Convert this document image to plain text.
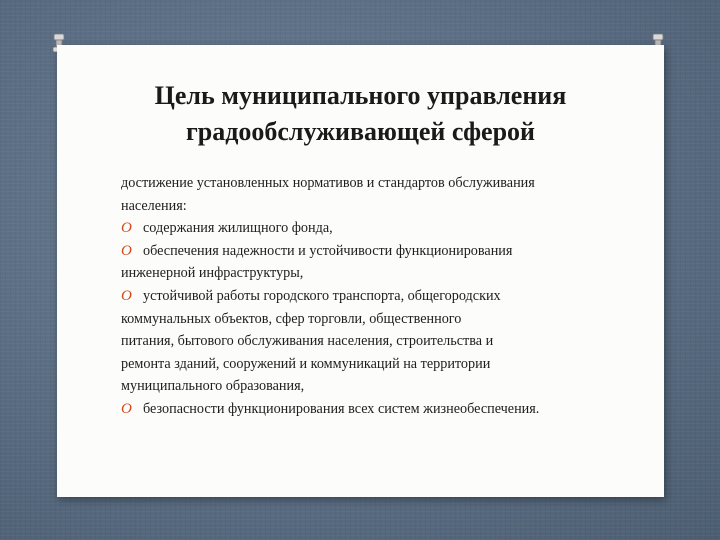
Цель муниципального управления
градообслуживающей сферой
достижение установленных нормативов и стандартов обслуживания
населения:
O содержания жилищного фонда,
O обеспечения надежности и устойчивости функционирования
инженерной инфраструктуры,
O устойчивой работы городского транспорта, общегородских
коммунальных объектов, сфер торговли, общественного
питания, бытового обслуживания населения, строительства и
ремонта зданий, сооружений и коммуникаций на территории
муниципального образования,
O безопасности функционирования всех систем жизнеобеспечения.
